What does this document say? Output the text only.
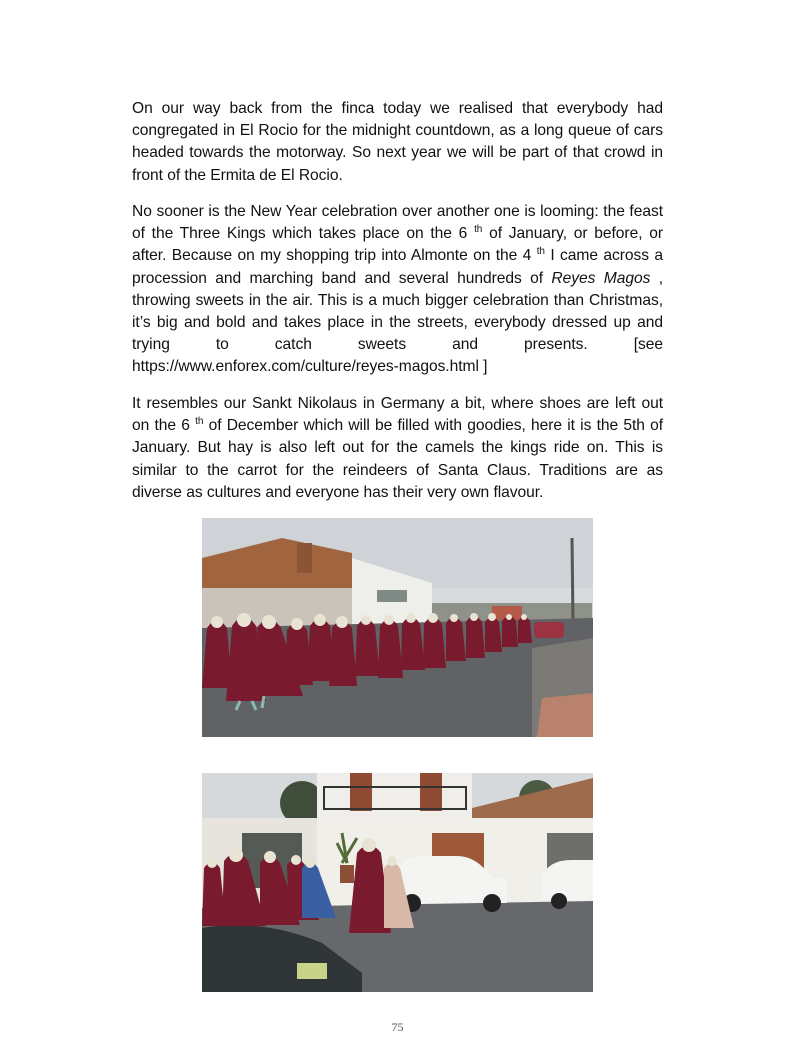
On our way back from the finca today we realised that everybody had congregated in El Rocio for the midnight countdown, as a long queue of cars headed towards the motorway. So next year we will be part of that crowd in front of the Ermita de El Rocio.
No sooner is the New Year celebration over another one is looming: the feast of the Three Kings which takes place on the 6 $^{th}$ of January, or before, or after. Because on my shopping trip into Almonte on the 4 $^{th}$ I came across a procession and marching band and several hundreds of Reyes Magos , throwing sweets in the air. This is a much bigger celebration than Christmas, it’s big and bold and takes place in the streets, everybody dressed up and trying to catch sweets and presents. [see https://www.enforex.com/culture/reyes-magos.html ]
It resembles our Sankt Nikolaus in Germany a bit, where shoes are left out on the 6 $^{th}$ of December which will be filled with goodies, here it is the 5th of January. But hay is also left out for the camels the kings ride on. This is similar to the carrot for the reindeers of Santa Claus. Traditions are as diverse as cultures and everyone has their very own flavour.
75
